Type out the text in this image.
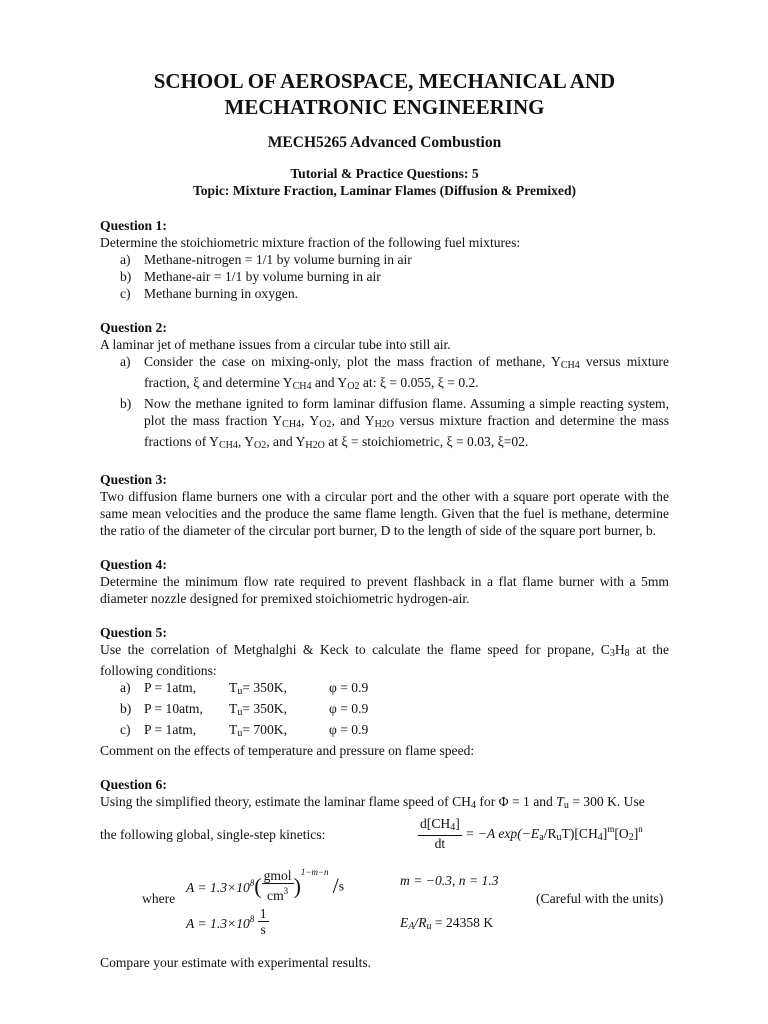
SCHOOL OF AEROSPACE, MECHANICAL AND
MECHATRONIC ENGINEERING
MECH5265 Advanced Combustion
Tutorial & Practice Questions: 5
Topic: Mixture Fraction, Laminar Flames (Diffusion & Premixed)
Question 1:
Determine the stoichiometric mixture fraction of the following fuel mixtures:
a) Methane-nitrogen = 1/1 by volume burning in air
b) Methane-air = 1/1 by volume burning in air
c) Methane burning in oxygen.
Question 2:
A laminar jet of methane issues from a circular tube into still air.
a) Consider the case on mixing-only, plot the mass fraction of methane, $Y_{CH4}$ versus mixture fraction, ξ and determine $Y_{CH4}$ and $Y_{O2}$ at: ξ = 0.055, ξ = 0.2.
b) Now the methane ignited to form laminar diffusion flame. Assuming a simple reacting system, plot the mass fraction $Y_{CH4}$, $Y_{O2}$, and $Y_{H2O}$ versus mixture fraction and determine the mass fractions of $Y_{CH4}$, $Y_{O2}$, and $Y_{H2O}$ at ξ = stoichiometric, ξ = 0.03, ξ=02.
Question 3:
Two diffusion flame burners one with a circular port and the other with a square port operate with the same mean velocities and the produce the same flame length. Given that the fuel is methane, determine the ratio of the diameter of the circular port burner, D to the length of side of the square port burner, b.
Question 4:
Determine the minimum flow rate required to prevent flashback in a flat flame burner with a 5mm diameter nozzle designed for premixed stoichiometric hydrogen-air.
Question 5:
Use the correlation of Metghalghi & Keck to calculate the flame speed for propane, $C_3H_8$ at the following conditions:
a) P = 1atm,	Tu= 350K,	φ = 0.9
b) P = 10atm,	Tu= 350K,	φ = 0.9
c) P = 1atm,	Tu= 700K,	φ = 0.9
Comment on the effects of temperature and pressure on flame speed:
Question 6:
Using the simplified theory, estimate the laminar flame speed of $CH_4$ for Φ = 1 and $T_u = 300$ K. Use
the following global, single-step kinetics:	$\frac{d[CH_4]}{dt} = -A$ $\exp(-E_a/R_uT)[CH_4]^m[O_2]^n$
$A = 1.3\times 10^8( \frac{\text{gmol}}{cm^3} )^{1-m-n}/s$	m = −0.3, n = 1.3
where	(Careful with the units)
$A = 1.3\times 10^8 \frac{1}{s}$	$E_A/R_u = 24358$ K
Compare your estimate with experimental results.
